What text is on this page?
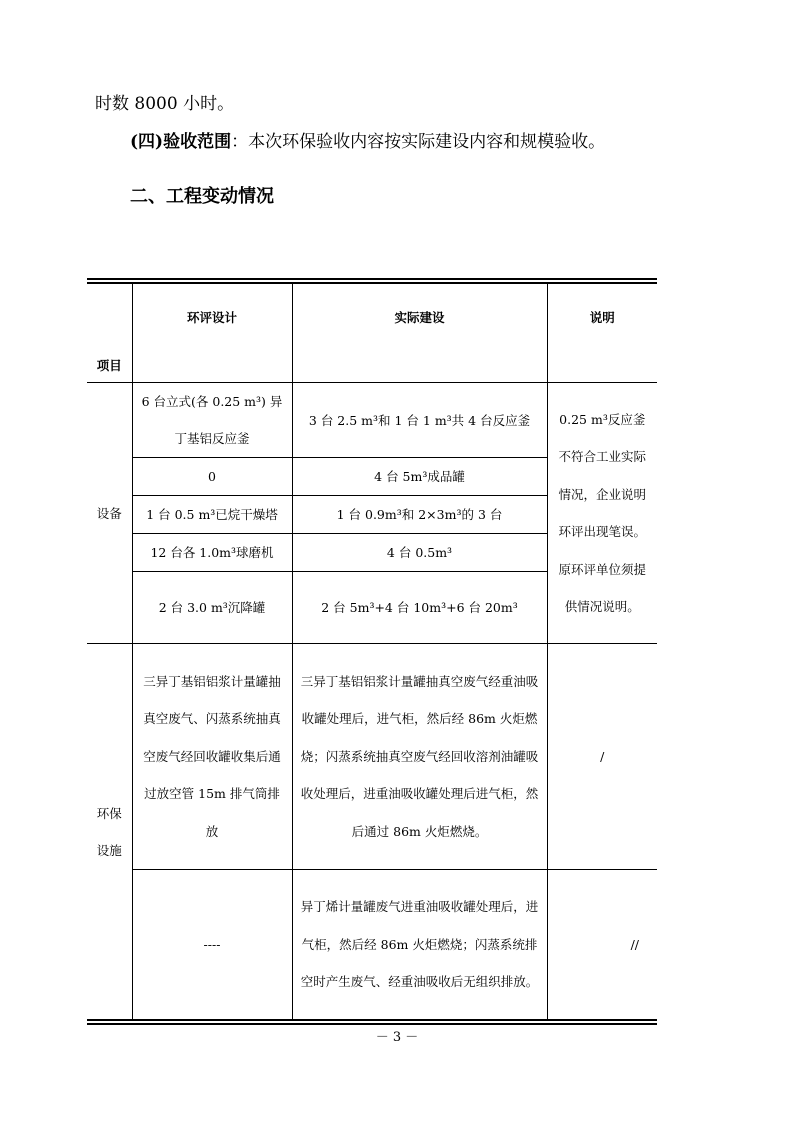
时数 8000 小时。
(四)验收范围：本次环保验收内容按实际建设内容和规模验收。
二、工程变动情况
项目	环评设计	实际建设	说明
设备	6 台立式(各 0.25 m³) 异丁基铝反应釜	3 台 2.5 m³和 1 台 1 m³共 4 台反应釜	0.25 m³反应釜不符合工业实际情况，企业说明环评出现笔误。原环评单位须提供情况说明。
	0	4 台 5m³成品罐	
	1 台 0.5 m³已烷干燥塔	1 台 0.9m³和 2×3m³的 3 台	
	12 台各 1.0m³球磨机	4 台 0.5m³	
	2 台 3.0 m³沉降罐	2 台 5m³+4 台 10m³+6 台 20m³	
环保
设施	三异丁基铝铝浆计量罐抽真空废气、闪蒸系统抽真空废气经回收罐收集后通过放空管 15m 排气筒排放	三异丁基铝铝浆计量罐抽真空废气经重油吸收罐处理后，进气柜，然后经 86m 火炬燃烧；闪蒸系统抽真空废气经回收溶剂油罐吸收处理后，进重油吸收罐处理后进气柜，然后通过 86m 火炬燃烧。	/
	----	异丁烯计量罐废气进重油吸收罐处理后，进气柜，然后经 86m 火炬燃烧；闪蒸系统排空时产生废气、经重油吸收后无组织排放。	//
－ 3 －
